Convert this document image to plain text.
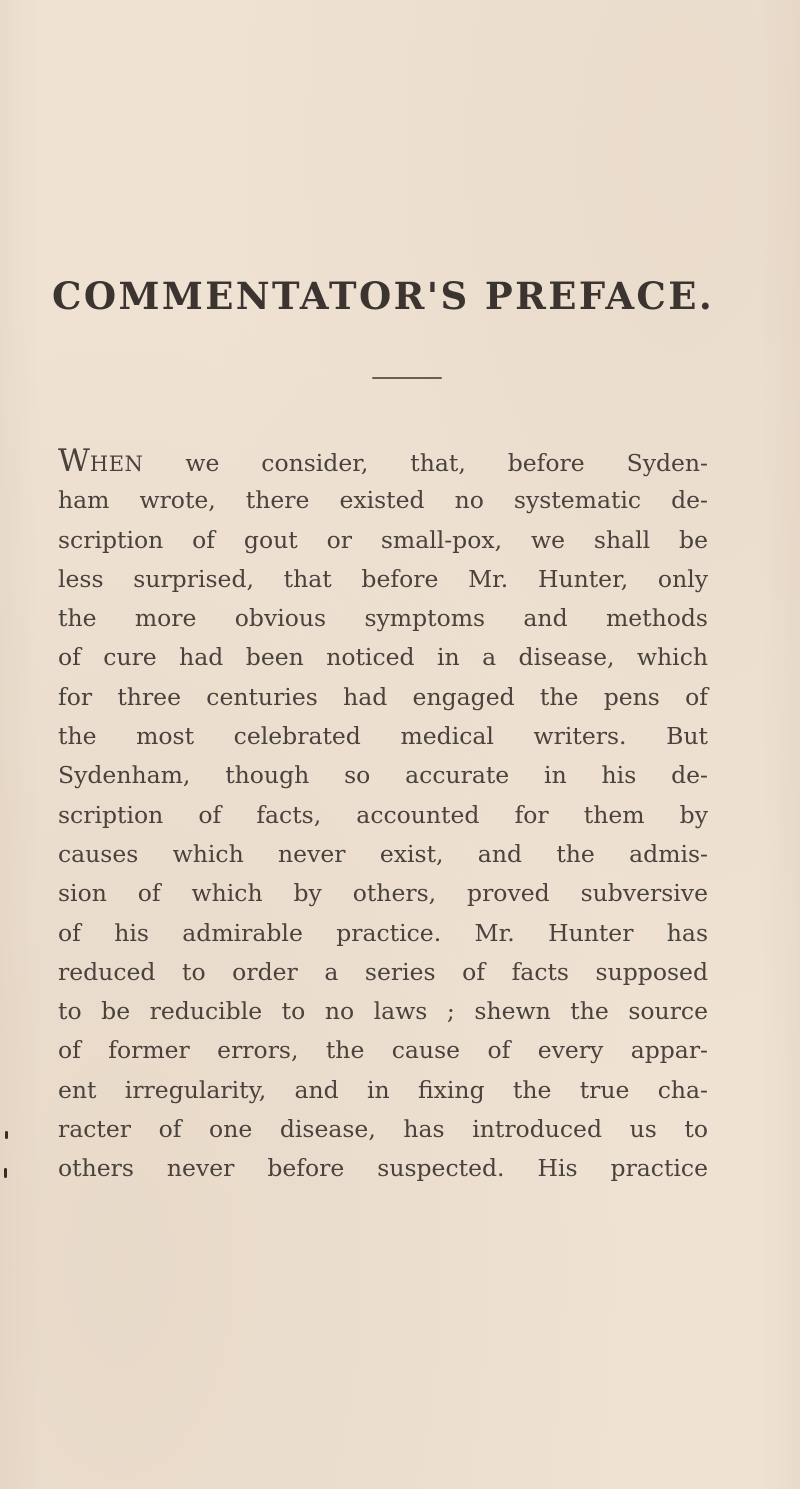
COMMENTATOR'S PREFACE.
WHEN we consider, that, before Syden-
ham wrote, there existed no systematic de-
scription of gout or small-pox, we shall be
less surprised, that before Mr. Hunter, only
the more obvious symptoms and methods
of cure had been noticed in a disease, which
for three centuries had engaged the pens of
the most celebrated medical writers. But
Sydenham, though so accurate in his de-
scription of facts, accounted for them by
causes which never exist, and the admis-
sion of which by others, proved subversive
of his admirable practice. Mr. Hunter has
reduced to order a series of facts supposed
to be reducible to no laws ; shewn the source
of former errors, the cause of every appar-
ent irregularity, and in fixing the true cha-
racter of one disease, has introduced us to
others never before suspected. His practice
